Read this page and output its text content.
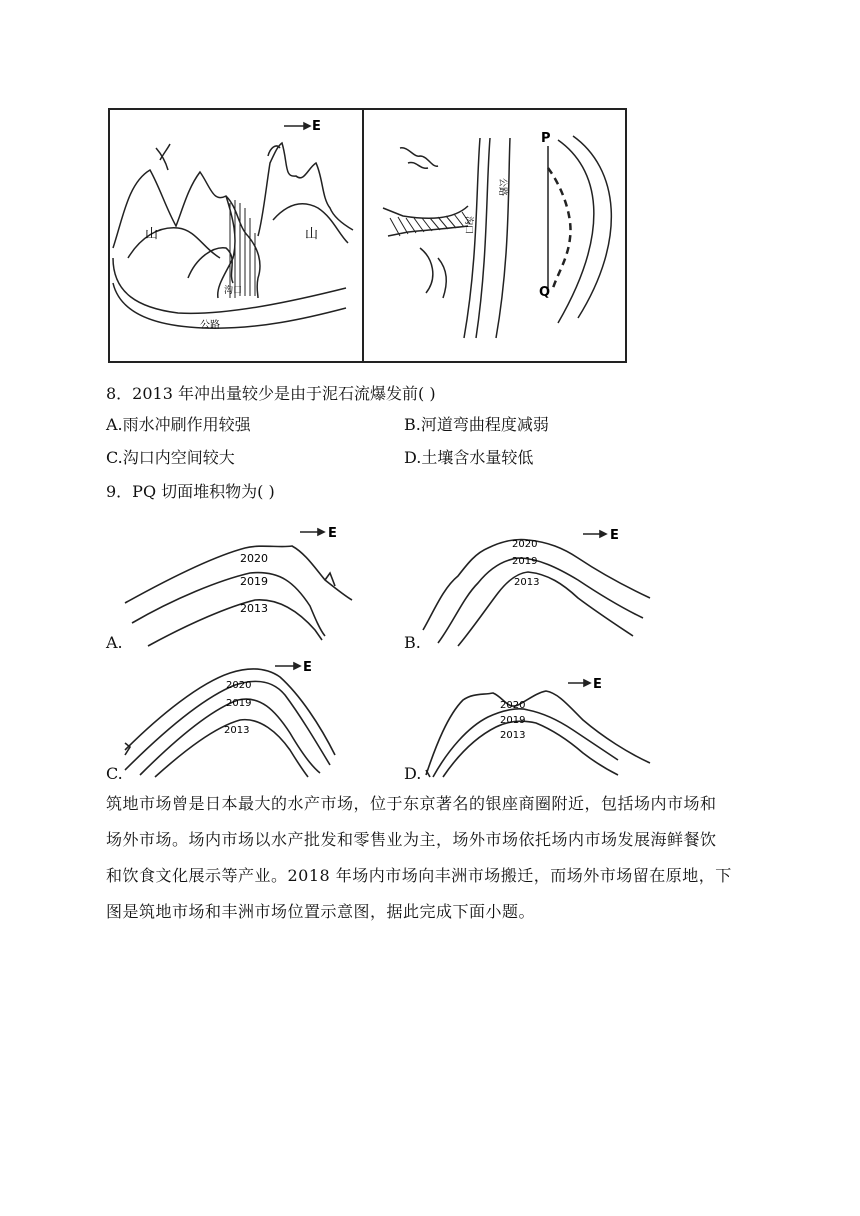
山	山
E
沟口
公路
P
Q
沟口
公路
8．2013 年冲出量较少是由于泥石流爆发前( )
A.雨水冲刷作用较强	B.河道弯曲程度减弱
C.沟口内空间较大	D.土壤含水量较低
9．PQ 切面堆积物为( )
A.
E
2020
2019
2013
B.
E
2020
2019
2013
C.
E
2020
2019
2013
D.
E
2020
2019
2013
筑地市场曾是日本最大的水产市场，位于东京著名的银座商圈附近，包括场内市场和
场外市场。场内市场以水产批发和零售业为主，场外市场依托场内市场发展海鲜餐饮
和饮食文化展示等产业。2018 年场内市场向丰洲市场搬迁，而场外市场留在原地，下
图是筑地市场和丰洲市场位置示意图，据此完成下面小题。
